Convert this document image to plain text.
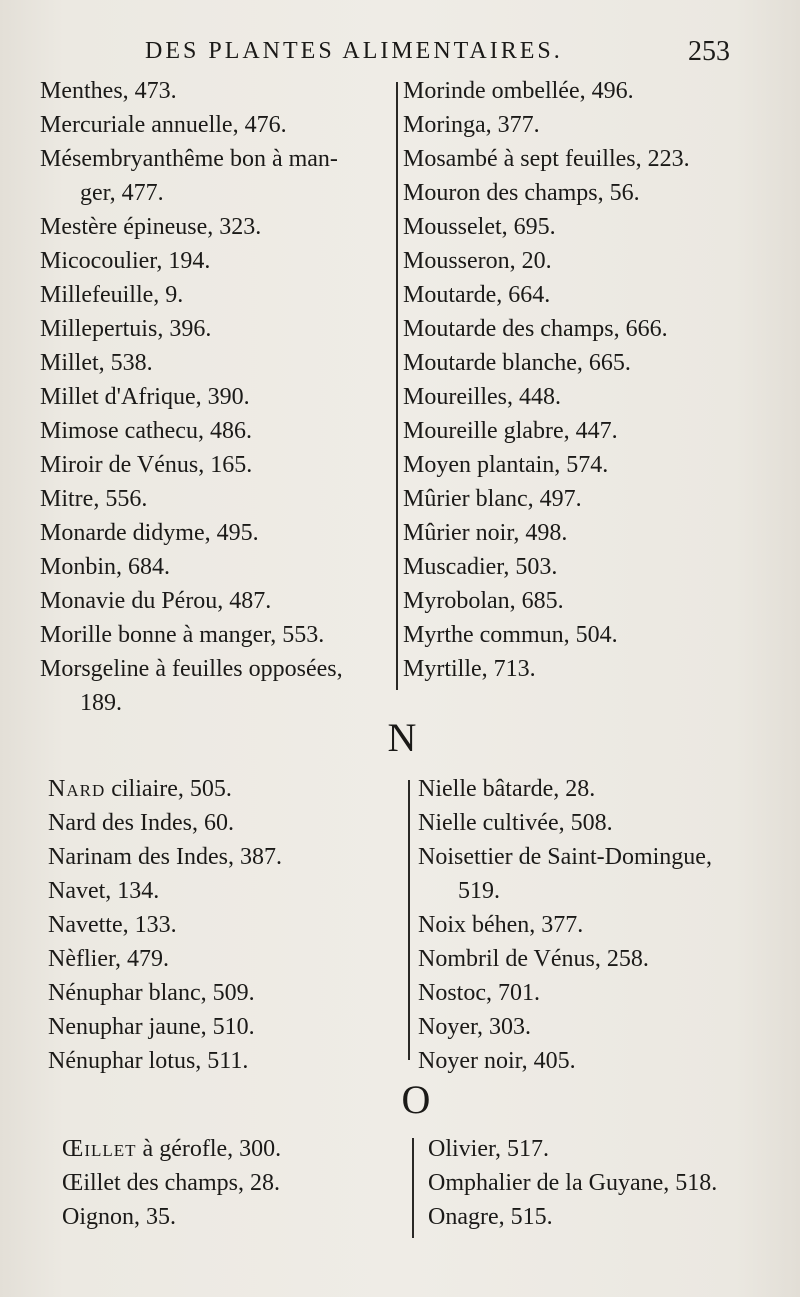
DES PLANTES ALIMENTAIRES.	253
Menthes, 473.
Mercuriale annuelle, 476.
Mésembryanthême bon à man-
ger, 477.
Mestère épineuse, 323.
Micocoulier, 194.
Millefeuille, 9.
Millepertuis, 396.
Millet, 538.
Millet d'Afrique, 390.
Mimose cathecu, 486.
Miroir de Vénus, 165.
Mitre, 556.
Monarde didyme, 495.
Monbin, 684.
Monavie du Pérou, 487.
Morille bonne à manger, 553.
Morsgeline à feuilles opposées,
189.
Morinde ombellée, 496.
Moringa, 377.
Mosambé à sept feuilles, 223.
Mouron des champs, 56.
Mousselet, 695.
Mousseron, 20.
Moutarde, 664.
Moutarde des champs, 666.
Moutarde blanche, 665.
Moureilles, 448.
Moureille glabre, 447.
Moyen plantain, 574.
Mûrier blanc, 497.
Mûrier noir, 498.
Muscadier, 503.
Myrobolan, 685.
Myrthe commun, 504.
Myrtille, 713.
N
Nard ciliaire, 505.
Nard des Indes, 60.
Narinam des Indes, 387.
Navet, 134.
Navette, 133.
Nèflier, 479.
Nénuphar blanc, 509.
Nenuphar jaune, 510.
Nénuphar lotus, 511.
Nielle bâtarde, 28.
Nielle cultivée, 508.
Noisettier de Saint-Domingue,
519.
Noix béhen, 377.
Nombril de Vénus, 258.
Nostoc, 701.
Noyer, 303.
Noyer noir, 405.
O
Œillet à gérofle, 300.
Œillet des champs, 28.
Oignon, 35.
Olivier, 517.
Omphalier de la Guyane, 518.
Onagre, 515.
